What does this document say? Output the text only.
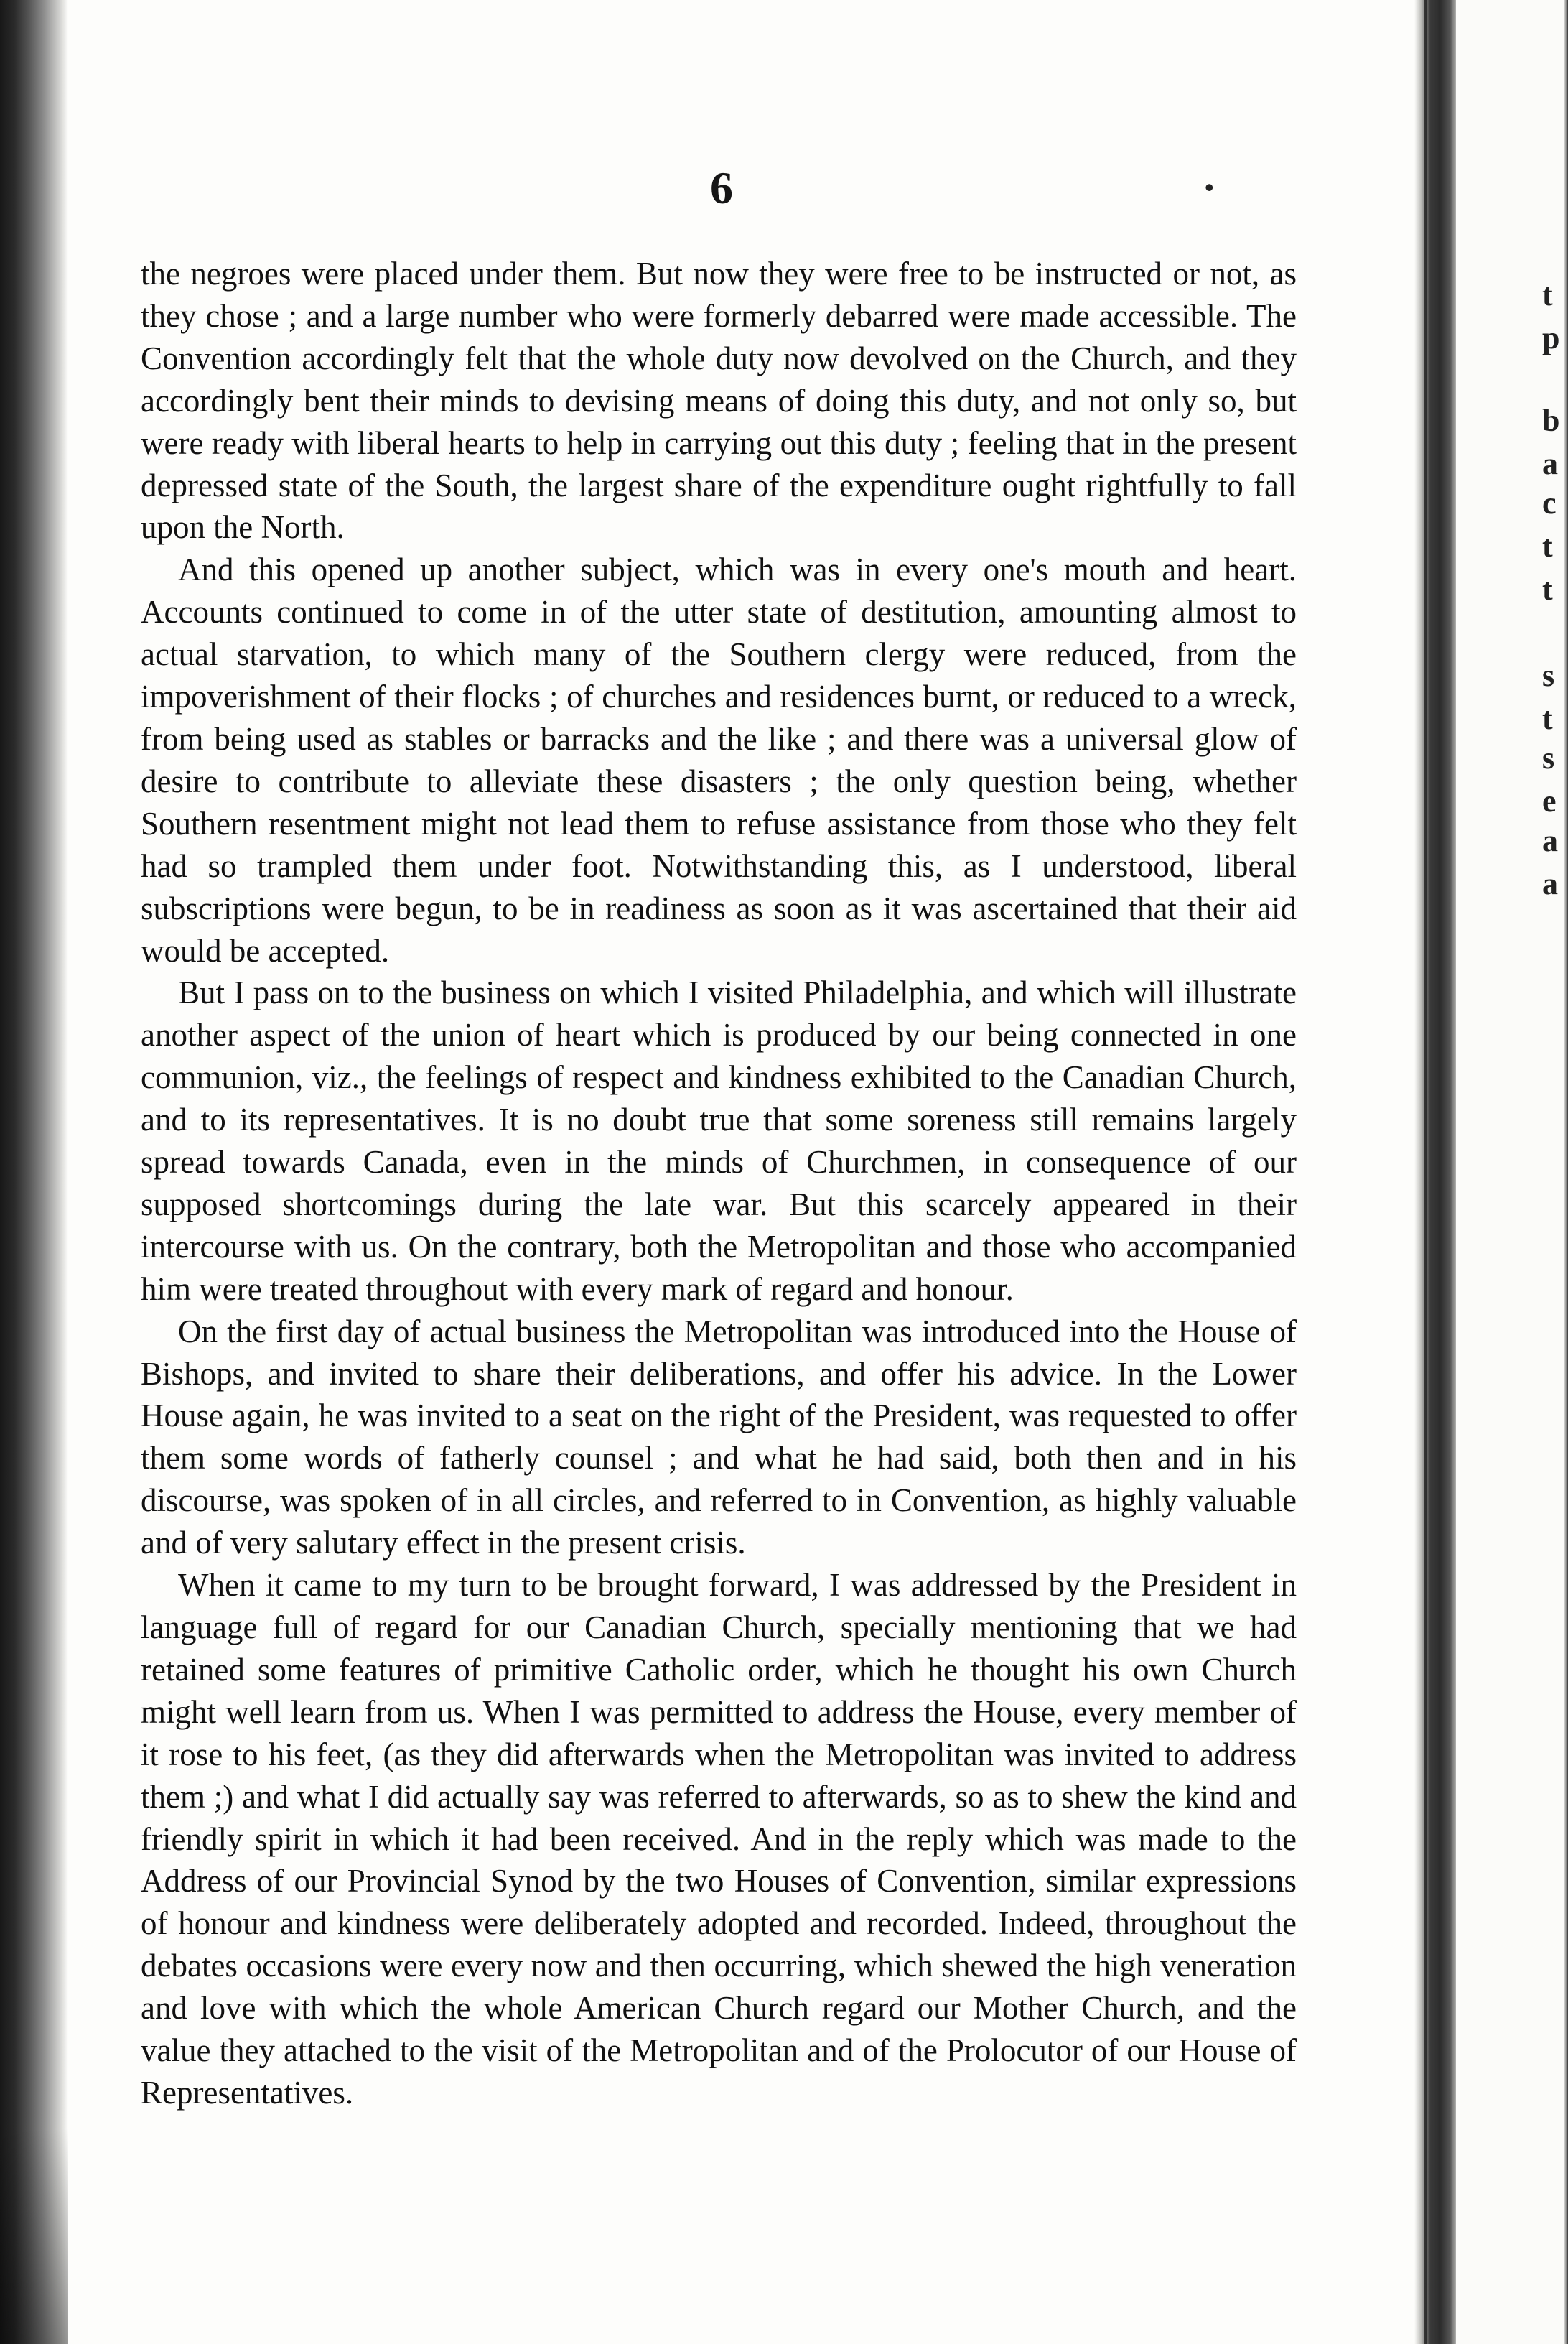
6	•

the negroes were placed under them. But now they were free to be instructed or not, as they chose ; and a large number who were formerly debarred were made accessible. The Convention accordingly felt that the whole duty now devolved on the Church, and they accordingly bent their minds to devising means of doing this duty, and not only so, but were ready with liberal hearts to help in carrying out this duty ; feeling that in the present depressed state of the South, the largest share of the expenditure ought rightfully to fall upon the North.

And this opened up another subject, which was in every one's mouth and heart. Accounts continued to come in of the utter state of destitution, amounting almost to actual starvation, to which many of the Southern clergy were reduced, from the impoverishment of their flocks ; of churches and residences burnt, or reduced to a wreck, from being used as stables or barracks and the like ; and there was a universal glow of desire to contribute to alleviate these disasters ; the only question being, whether Southern resentment might not lead them to refuse assistance from those who they felt had so trampled them under foot. Notwithstanding this, as I understood, liberal subscriptions were begun, to be in readiness as soon as it was ascertained that their aid would be accepted.

But I pass on to the business on which I visited Philadelphia, and which will illustrate another aspect of the union of heart which is produced by our being connected in one communion, viz., the feelings of respect and kindness exhibited to the Canadian Church, and to its representatives. It is no doubt true that some soreness still remains largely spread towards Canada, even in the minds of Churchmen, in consequence of our supposed shortcomings during the late war. But this scarcely appeared in their intercourse with us. On the contrary, both the Metropolitan and those who accompanied him were treated throughout with every mark of regard and honour.

On the first day of actual business the Metropolitan was introduced into the House of Bishops, and invited to share their deliberations, and offer his advice. In the Lower House again, he was invited to a seat on the right of the President, was requested to offer them some words of fatherly counsel ; and what he had said, both then and in his discourse, was spoken of in all circles, and referred to in Convention, as highly valuable and of very salutary effect in the present crisis.

When it came to my turn to be brought forward, I was addressed by the President in language full of regard for our Canadian Church, specially mentioning that we had retained some features of primitive Catholic order, which he thought his own Church might well learn from us. When I was permitted to address the House, every member of it rose to his feet, (as they did afterwards when the Metropolitan was invited to address them ;) and what I did actually say was referred to afterwards, so as to shew the kind and friendly spirit in which it had been received. And in the reply which was made to the Address of our Provincial Synod by the two Houses of Convention, similar expressions of honour and kindness were deliberately adopted and recorded. Indeed, throughout the debates occasions were every now and then occurring, which shewed the high veneration and love with which the whole American Church regard our Mother Church, and the value they attached to the visit of the Metropolitan and of the Prolocutor of our House of Representatives.

t
p
b
a
c
t
t
s
t
s
e
a
a
